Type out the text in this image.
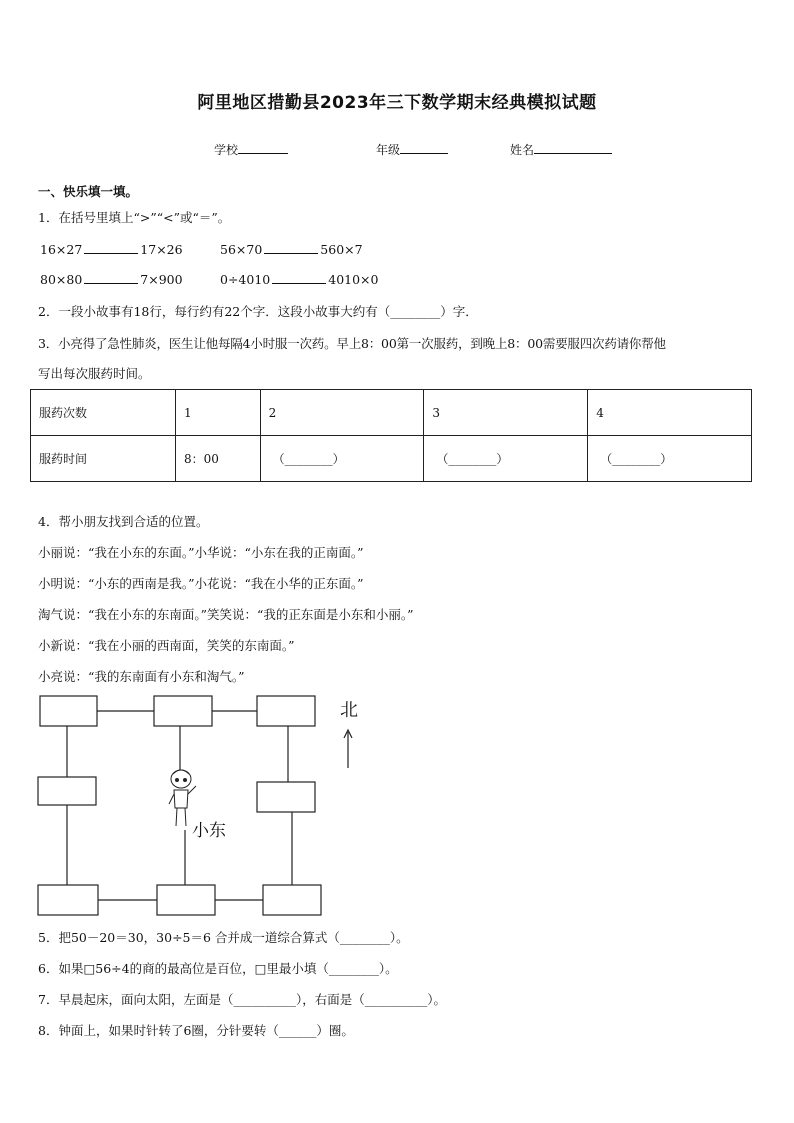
阿里地区措勤县2023年三下数学期末经典模拟试题
学校	年级	姓名
一、快乐填一填。
1．在括号里填上“>”“<”或“＝”。
16×27	17×26	56×70	560×7
80×80	7×900	0÷4010	4010×0
2．一段小故事有18行，每行约有22个字．这段小故事大约有（________）字．
3．小亮得了急性肺炎，医生让他每隔4小时服一次药。早上8：00第一次服药，到晚上8：00需要服四次药请你帮他
写出每次服药时间。
服药次数	1	2	3	4
服药时间	8：00	（________）	（________）	（________）
4．帮小朋友找到合适的位置。
小丽说：“我在小东的东面。”小华说：“小东在我的正南面。”
小明说：“小东的西南是我。”小花说：“我在小华的正东面。”
淘气说：“我在小东的东南面。”笑笑说：“我的正东面是小东和小丽。”
小新说：“我在小丽的西南面，笑笑的东南面。”
小亮说：“我的东南面有小东和淘气。”
北
小东
5．把50－20＝30，30÷5＝6 合并成一道综合算式（________）。
6．如果□56÷4的商的最高位是百位，□里最小填（________）。
7．早晨起床，面向太阳，左面是（__________），右面是（__________）。
8．钟面上，如果时针转了6圈，分针要转（______）圈。
